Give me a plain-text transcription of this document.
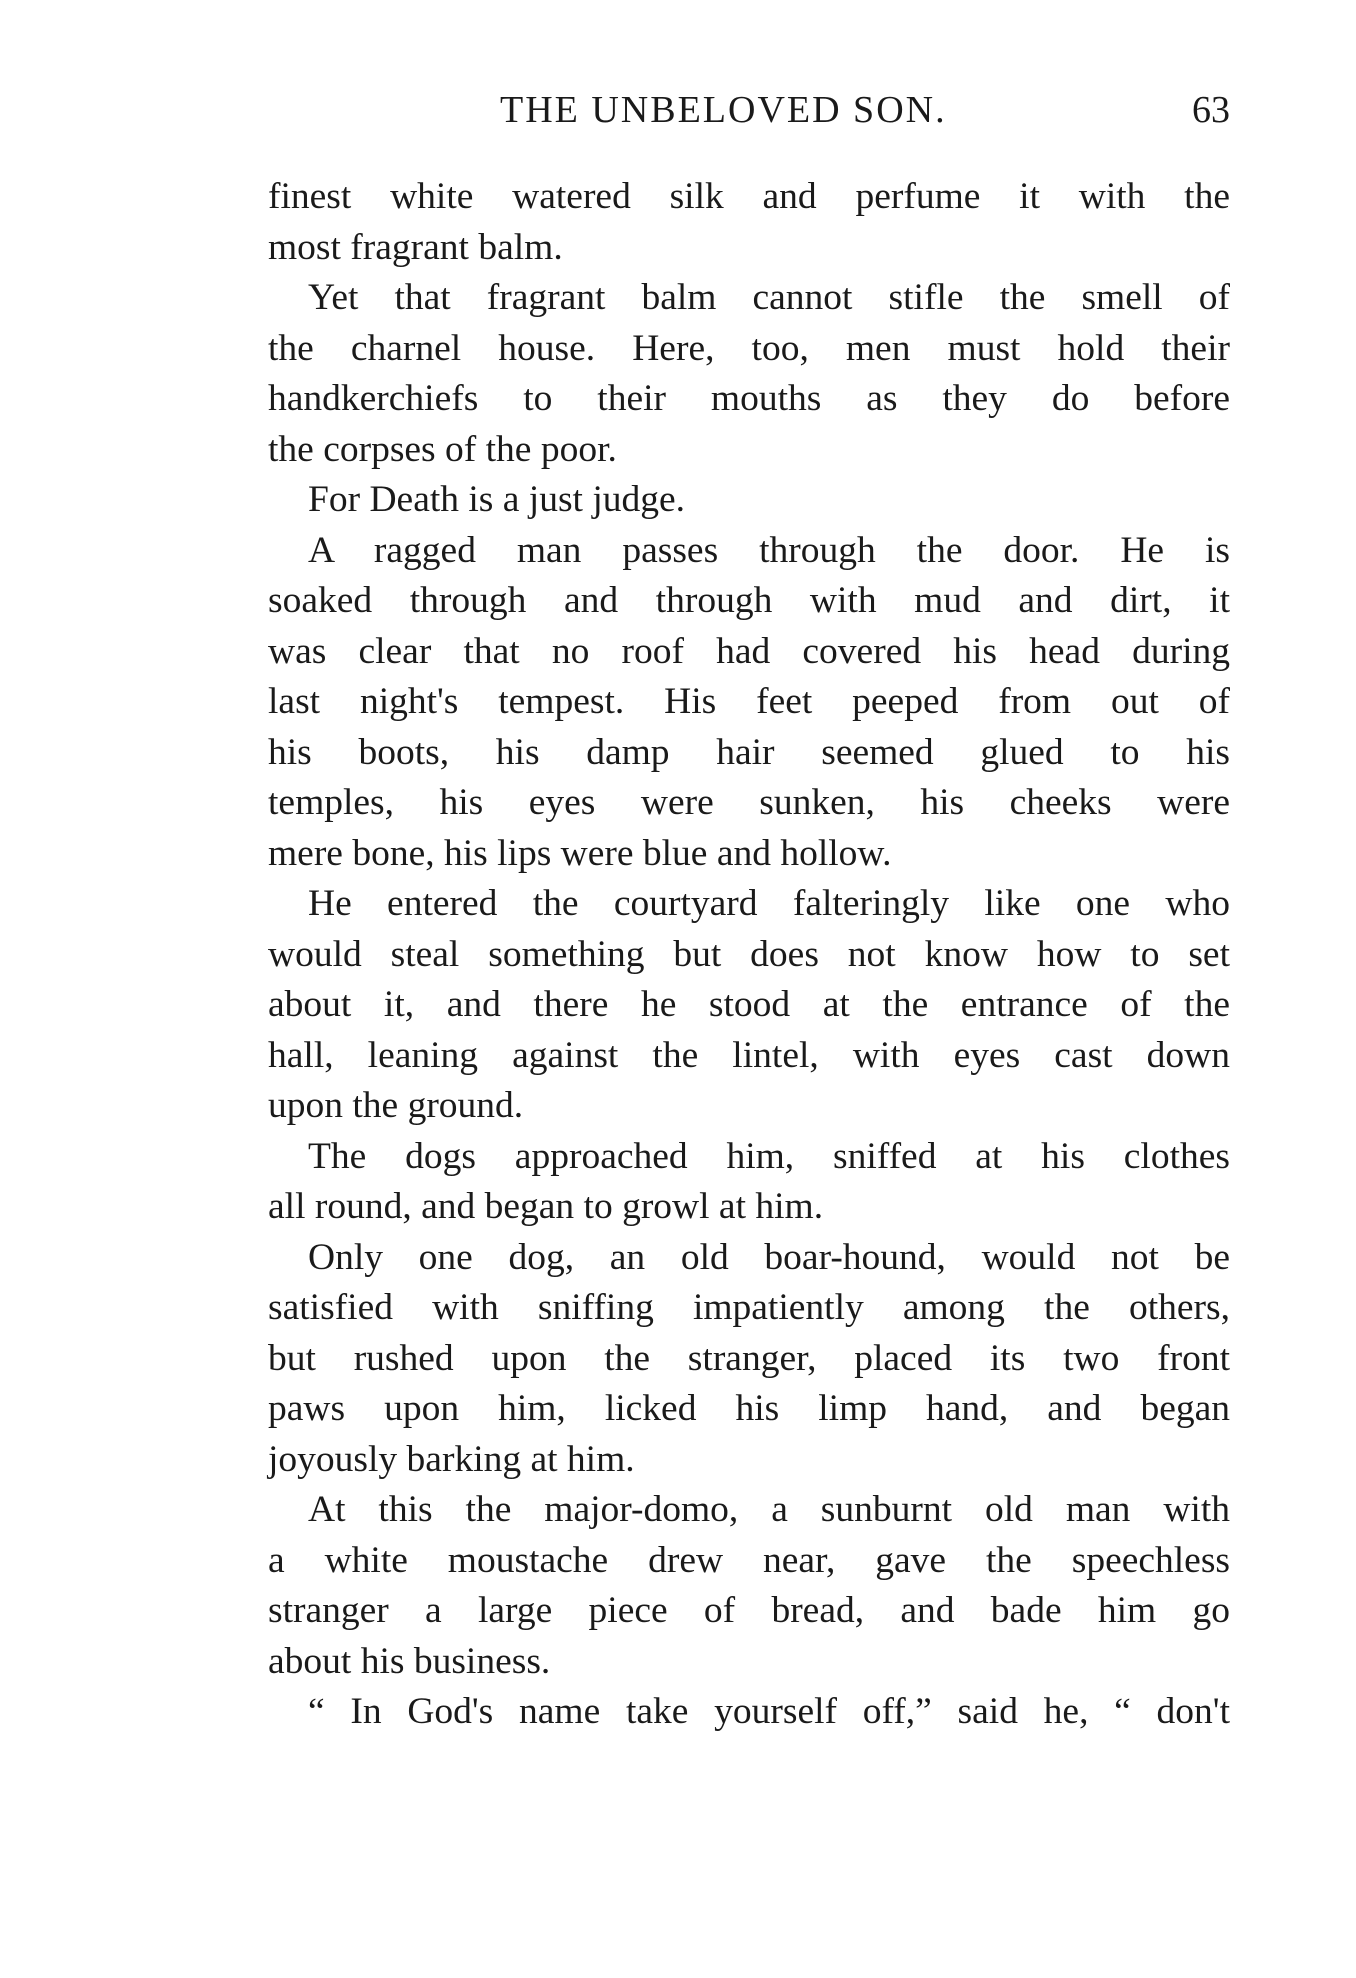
THE UNBELOVED SON.	63
finest white watered silk and perfume it with the
most fragrant balm.
Yet that fragrant balm cannot stifle the smell of
the charnel house. Here, too, men must hold their
handkerchiefs to their mouths as they do before
the corpses of the poor.
For Death is a just judge.
A ragged man passes through the door. He is
soaked through and through with mud and dirt, it
was clear that no roof had covered his head during
last night's tempest. His feet peeped from out of
his boots, his damp hair seemed glued to his
temples, his eyes were sunken, his cheeks were
mere bone, his lips were blue and hollow.
He entered the courtyard falteringly like one who
would steal something but does not know how to set
about it, and there he stood at the entrance of the
hall, leaning against the lintel, with eyes cast down
upon the ground.
The dogs approached him, sniffed at his clothes
all round, and began to growl at him.
Only one dog, an old boar-hound, would not be
satisfied with sniffing impatiently among the others,
but rushed upon the stranger, placed its two front
paws upon him, licked his limp hand, and began
joyously barking at him.
At this the major-domo, a sunburnt old man with
a white moustache drew near, gave the speechless
stranger a large piece of bread, and bade him go
about his business.
“ In God's name take yourself off,” said he, “ don't
